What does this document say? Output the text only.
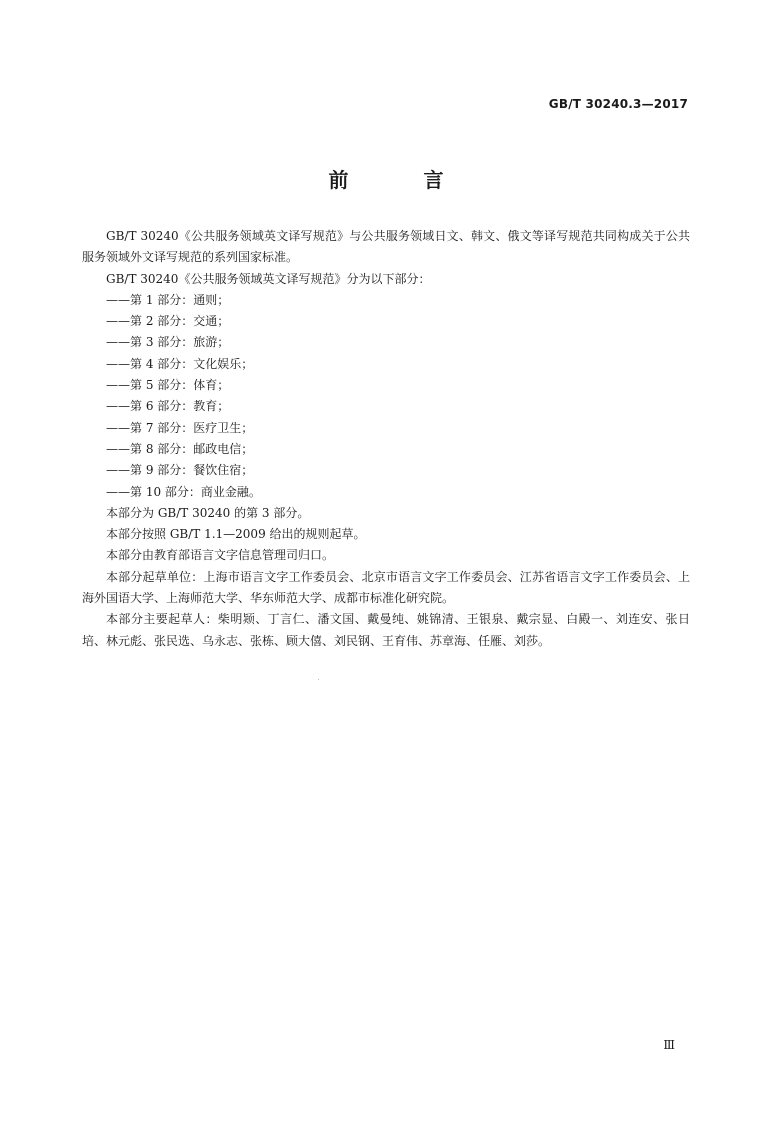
GB/T 30240.3—2017
前 言

GB/T 30240《公共服务领域英文译写规范》与公共服务领域日文、韩文、俄文等译写规范共同构成关于公共服务领域外文译写规范的系列国家标准。

GB/T 30240《公共服务领域英文译写规范》分为以下部分：

——第 1 部分：通则；

——第 2 部分：交通；

——第 3 部分：旅游；

——第 4 部分：文化娱乐；

——第 5 部分：体育；

——第 6 部分：教育；

——第 7 部分：医疗卫生；

——第 8 部分：邮政电信；

——第 9 部分：餐饮住宿；

——第 10 部分：商业金融。

本部分为 GB/T 30240 的第 3 部分。

本部分按照 GB/T 1.1—2009 给出的规则起草。

本部分由教育部语言文字信息管理司归口。

本部分起草单位：上海市语言文字工作委员会、北京市语言文字工作委员会、江苏省语言文字工作委员会、上海外国语大学、上海师范大学、华东师范大学、成都市标准化研究院。

本部分主要起草人：柴明颎、丁言仁、潘文国、戴曼纯、姚锦清、王银泉、戴宗显、白殿一、刘连安、张日培、林元彪、张民选、乌永志、张栋、顾大僖、刘民钢、王育伟、苏章海、任雁、刘莎。

Ⅲ
